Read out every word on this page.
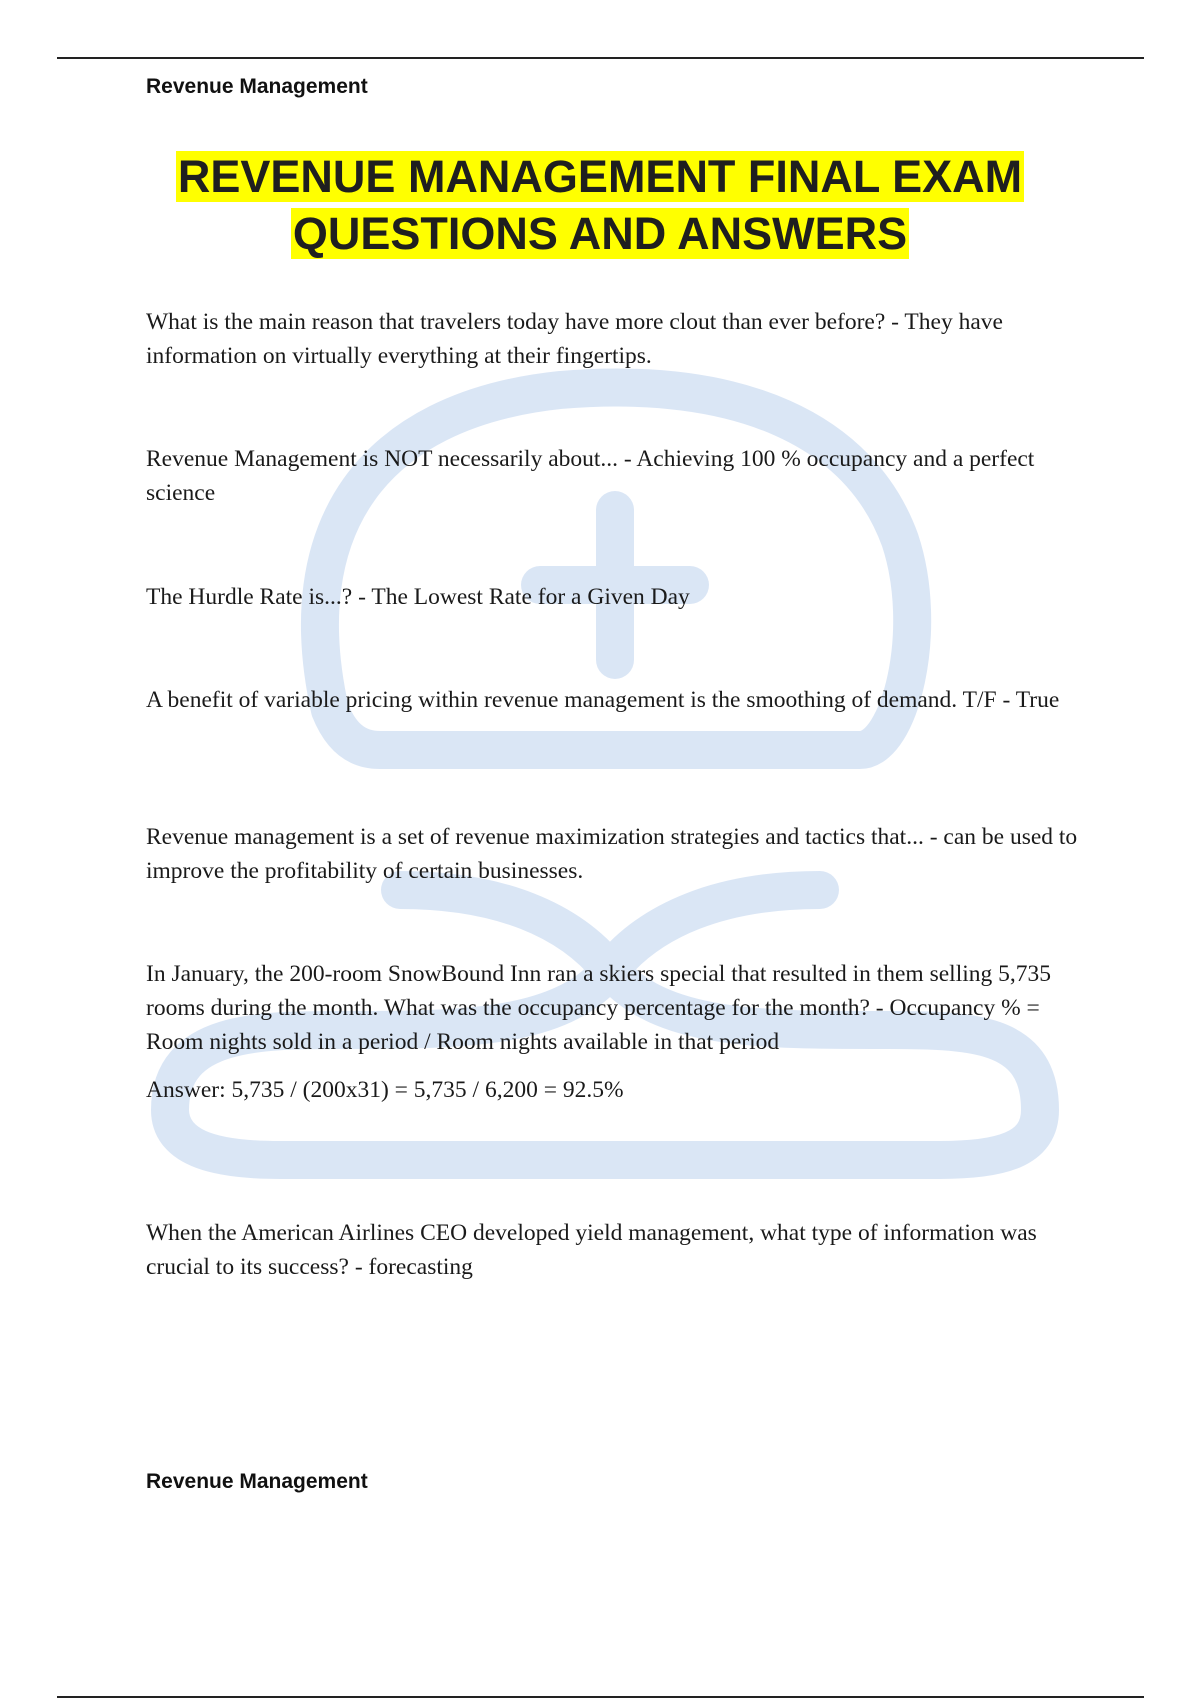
Revenue Management
REVENUE MANAGEMENT FINAL EXAM
QUESTIONS AND ANSWERS

What is the main reason that travelers today have more clout than ever before? - They have information on virtually everything at their fingertips.

Revenue Management is NOT necessarily about... - Achieving 100 % occupancy and a perfect science

The Hurdle Rate is...? - The Lowest Rate for a Given Day

A benefit of variable pricing within revenue management is the smoothing of demand. T/F - True

Revenue management is a set of revenue maximization strategies and tactics that... - can be used to improve the profitability of certain businesses.

In January, the 200-room SnowBound Inn ran a skiers special that resulted in them selling 5,735 rooms during the month. What was the occupancy percentage for the month? - Occupancy % = Room nights sold in a period / Room nights available in that period

Answer: 5,735 / (200x31) = 5,735 / 6,200 = 92.5%

When the American Airlines CEO developed yield management, what type of information was crucial to its success? - forecasting

Revenue Management
